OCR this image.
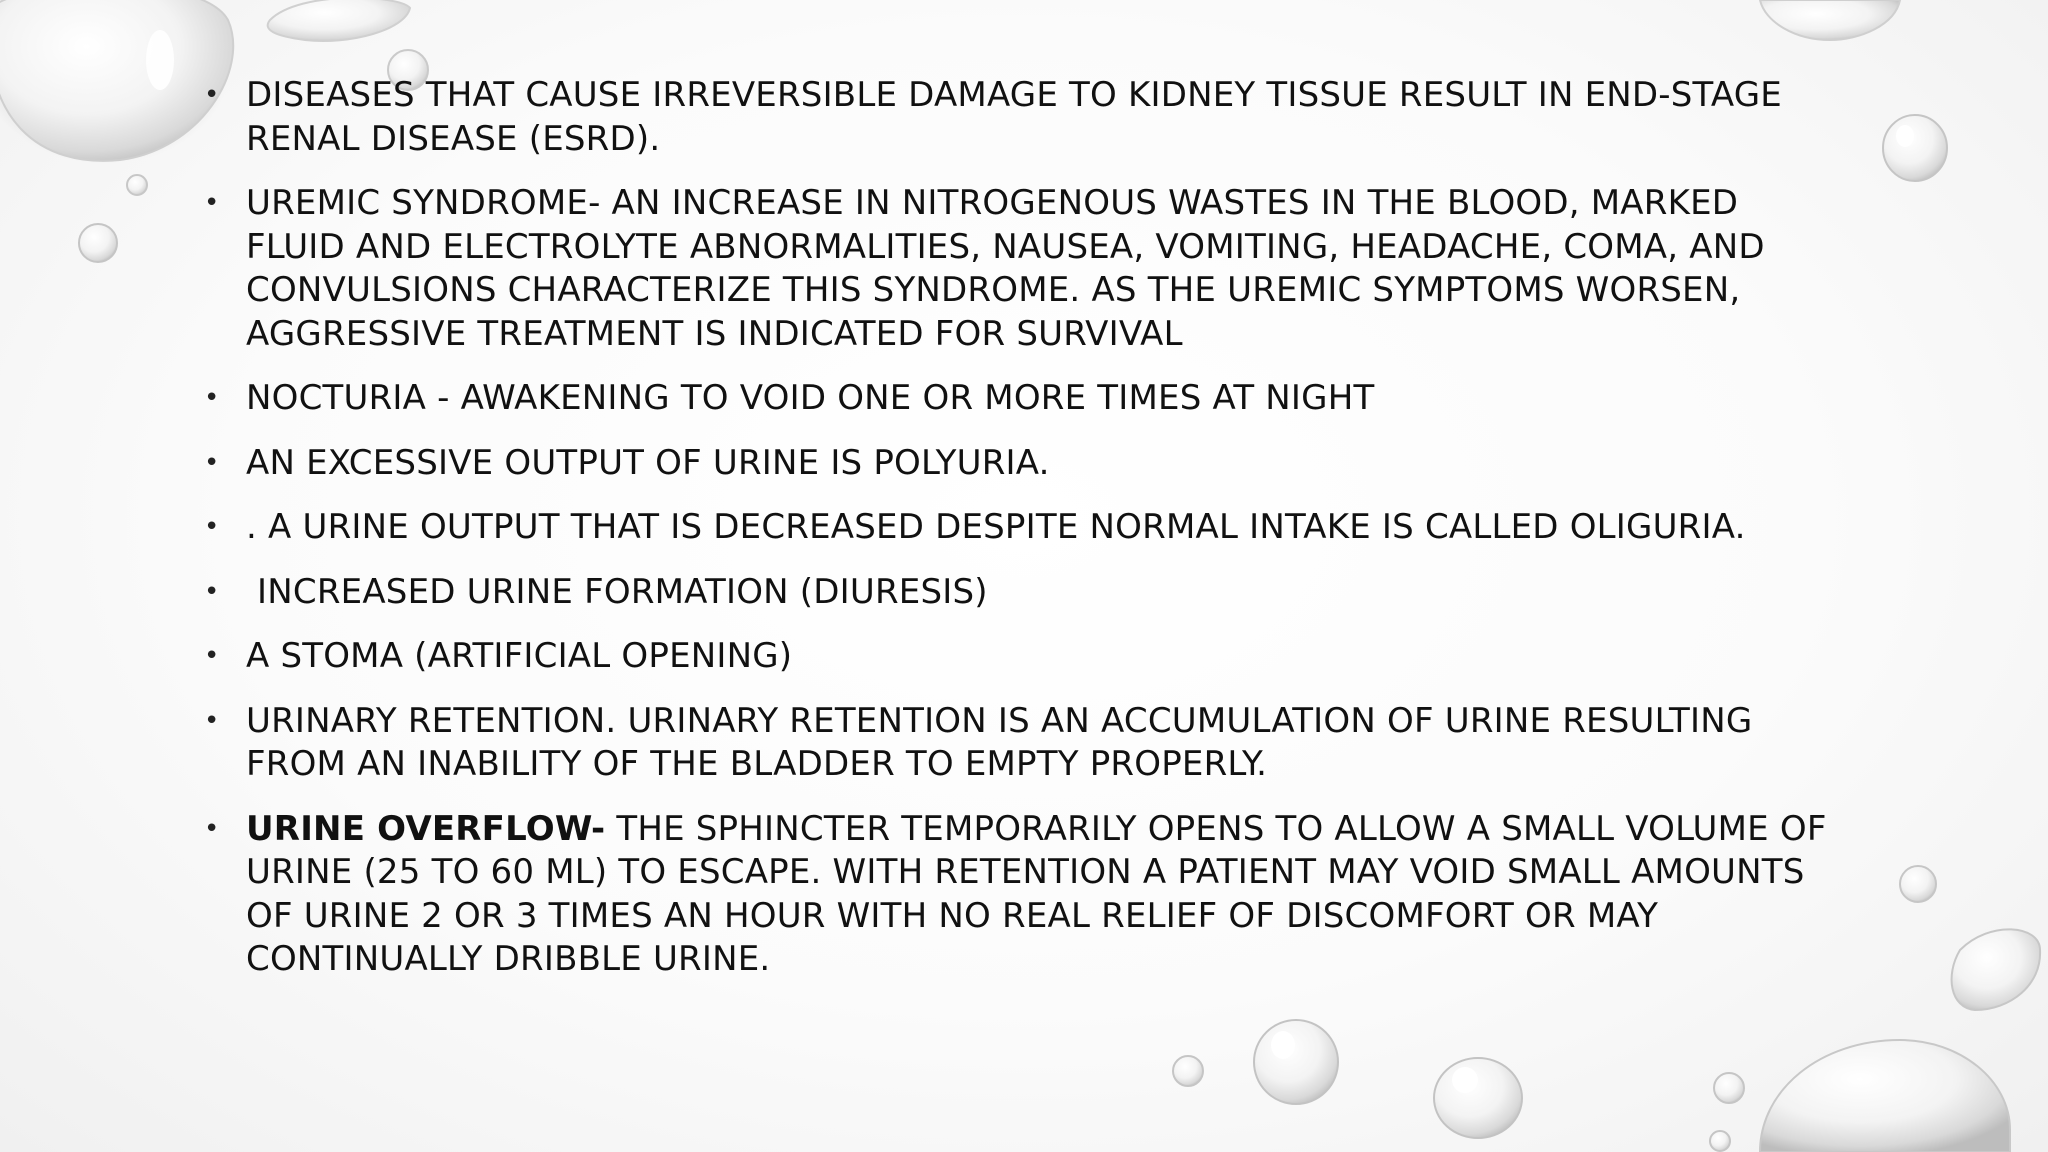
• DISEASES THAT CAUSE IRREVERSIBLE DAMAGE TO KIDNEY TISSUE RESULT IN END-STAGE RENAL DISEASE (ESRD).
• UREMIC SYNDROME- AN INCREASE IN NITROGENOUS WASTES IN THE BLOOD, MARKED FLUID AND ELECTROLYTE ABNORMALITIES, NAUSEA, VOMITING, HEADACHE, COMA, AND CONVULSIONS CHARACTERIZE THIS SYNDROME. AS THE UREMIC SYMPTOMS WORSEN, AGGRESSIVE TREATMENT IS INDICATED FOR SURVIVAL
• NOCTURIA - AWAKENING TO VOID ONE OR MORE TIMES AT NIGHT
• AN EXCESSIVE OUTPUT OF URINE IS POLYURIA.
• . A URINE OUTPUT THAT IS DECREASED DESPITE NORMAL INTAKE IS CALLED OLIGURIA.
• INCREASED URINE FORMATION (DIURESIS)
• A STOMA (ARTIFICIAL OPENING)
• URINARY RETENTION. URINARY RETENTION IS AN ACCUMULATION OF URINE RESULTING FROM AN INABILITY OF THE BLADDER TO EMPTY PROPERLY.
• URINE OVERFLOW- THE SPHINCTER TEMPORARILY OPENS TO ALLOW A SMALL VOLUME OF URINE (25 TO 60 ML) TO ESCAPE. WITH RETENTION A PATIENT MAY VOID SMALL AMOUNTS OF URINE 2 OR 3 TIMES AN HOUR WITH NO REAL RELIEF OF DISCOMFORT OR MAY CONTINUALLY DRIBBLE URINE.
